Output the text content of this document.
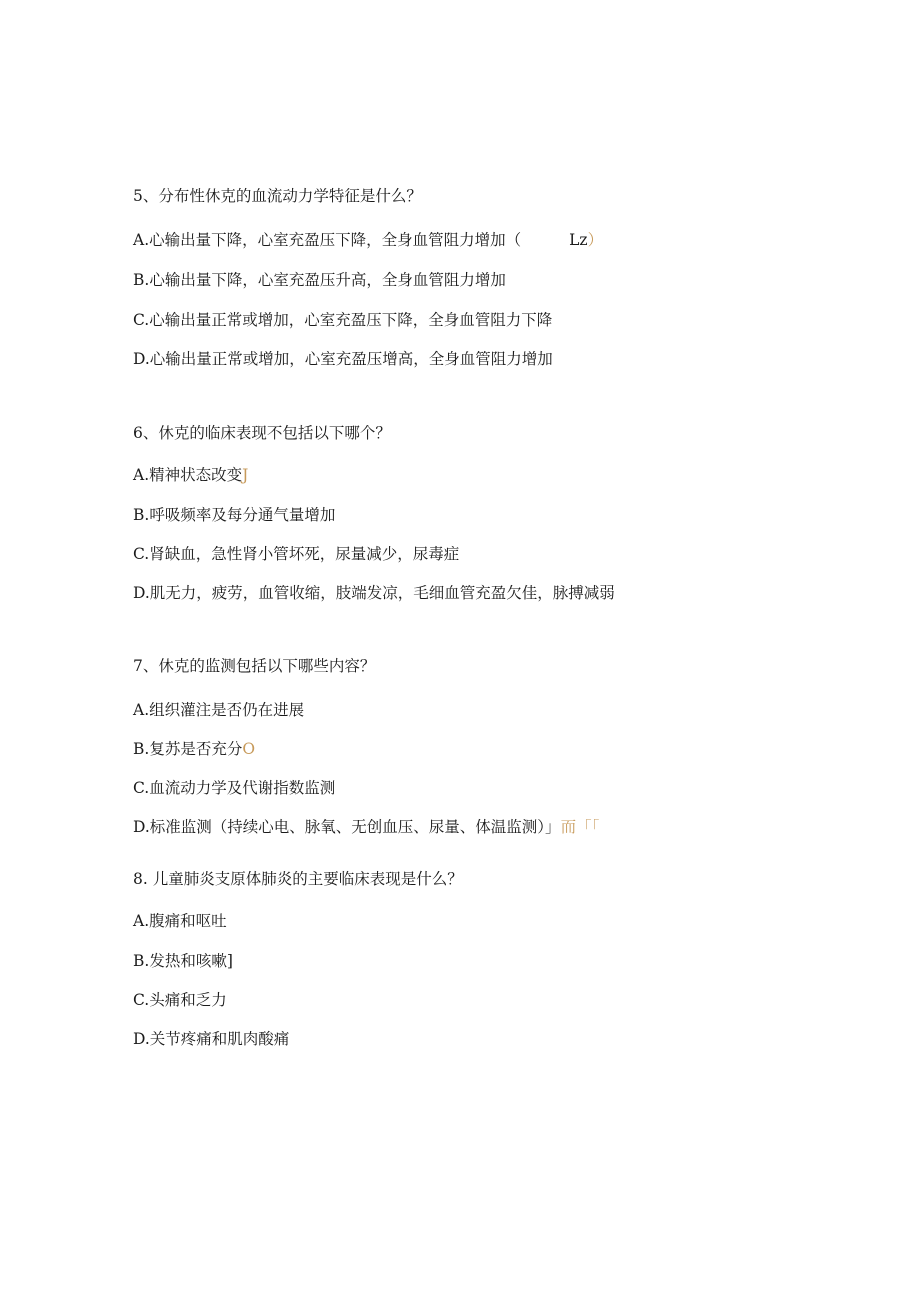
5、分布性休克的血流动力学特征是什么？
A.心输出量下降，心室充盈压下降，全身血管阻力增加（	Lz）
B.心输出量下降，心室充盈压升高，全身血管阻力增加
C.心输出量正常或增加，心室充盈压下降，全身血管阻力下降
D.心输出量正常或增加，心室充盈压增高，全身血管阻力增加
6、休克的临床表现不包括以下哪个？
A.精神状态改变J
B.呼吸频率及每分通气量增加
C.肾缺血，急性肾小管坏死，尿量减少，尿毒症
D.肌无力，疲劳，血管收缩，肢端发凉，毛细血管充盈欠佳，脉搏减弱
7、休克的监测包括以下哪些内容？
A.组织灌注是否仍在进展
B.复苏是否充分O
C.血流动力学及代谢指数监测
D.标准监测（持续心电、脉氧、无创血压、尿量、体温监测）」而「「
8. 儿童肺炎支原体肺炎的主要临床表现是什么？
A.腹痛和呕吐
B.发热和咳嗽]
C.头痛和乏力
D.关节疼痛和肌肉酸痛
